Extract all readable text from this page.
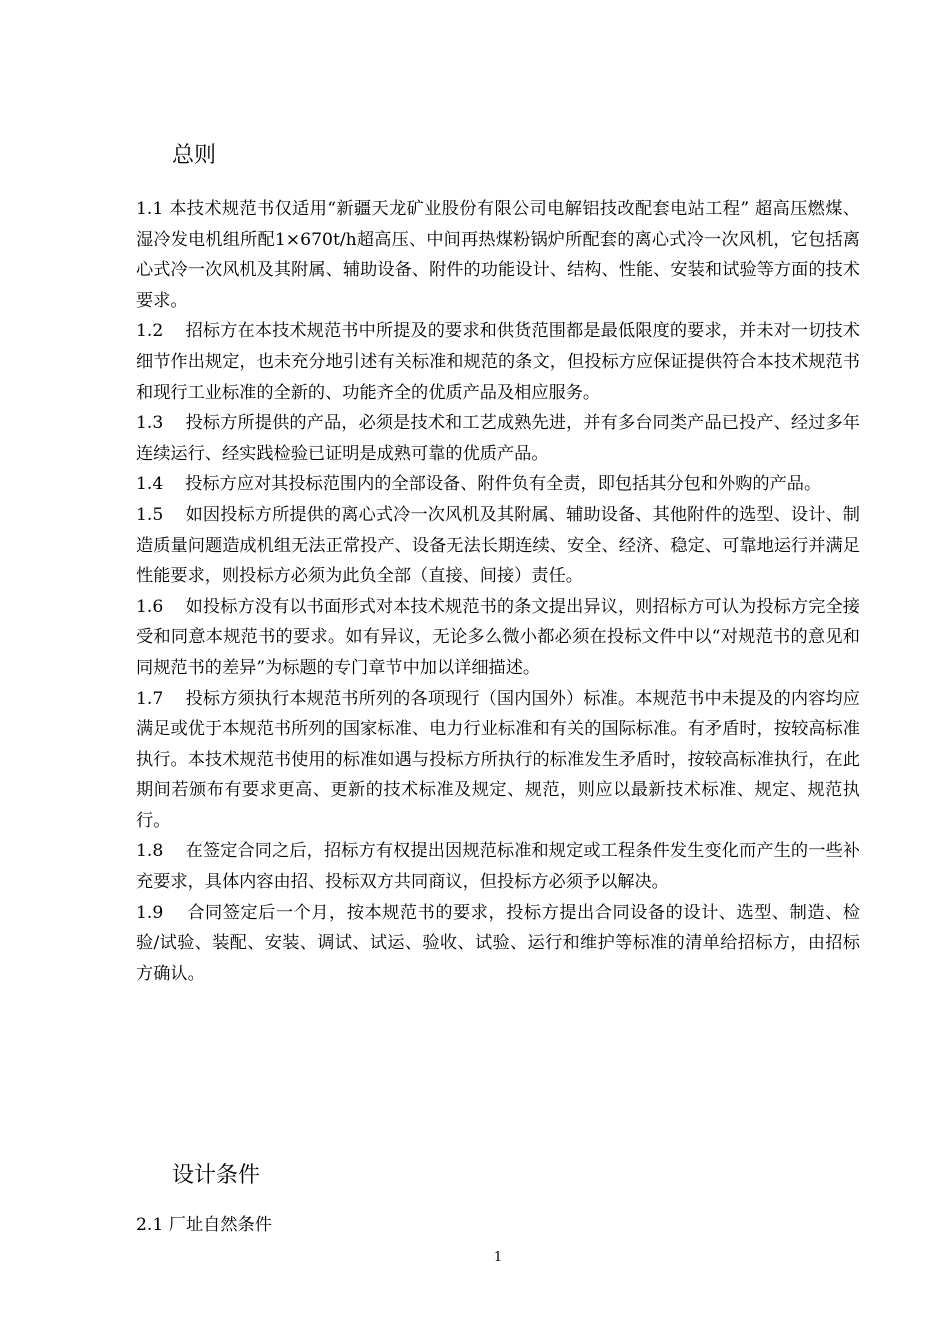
总则

1.1 本技术规范书仅适用“新疆天龙矿业股份有限公司电解铝技改配套电站工程” 超高压燃煤、湿冷发电机组所配1×670t/h超高压、中间再热煤粉锅炉所配套的离心式冷一次风机，它包括离心式冷一次风机及其附属、辅助设备、附件的功能设计、结构、性能、安装和试验等方面的技术要求。

1.2 招标方在本技术规范书中所提及的要求和供货范围都是最低限度的要求，并未对一切技术细节作出规定，也未充分地引述有关标准和规范的条文，但投标方应保证提供符合本技术规范书和现行工业标准的全新的、功能齐全的优质产品及相应服务。

1.3 投标方所提供的产品，必须是技术和工艺成熟先进，并有多台同类产品已投产、经过多年连续运行、经实践检验已证明是成熟可靠的优质产品。

1.4 投标方应对其投标范围内的全部设备、附件负有全责，即包括其分包和外购的产品。

1.5 如因投标方所提供的离心式冷一次风机及其附属、辅助设备、其他附件的选型、设计、制造质量问题造成机组无法正常投产、设备无法长期连续、安全、经济、稳定、可靠地运行并满足性能要求，则投标方必须为此负全部（直接、间接）责任。

1.6 如投标方没有以书面形式对本技术规范书的条文提出异议，则招标方可认为投标方完全接受和同意本规范书的要求。如有异议，无论多么微小都必须在投标文件中以“对规范书的意见和同规范书的差异”为标题的专门章节中加以详细描述。

1.7 投标方须执行本规范书所列的各项现行（国内国外）标准。本规范书中未提及的内容均应满足或优于本规范书所列的国家标准、电力行业标准和有关的国际标准。有矛盾时，按较高标准执行。本技术规范书使用的标准如遇与投标方所执行的标准发生矛盾时，按较高标准执行，在此期间若颁布有要求更高、更新的技术标准及规定、规范，则应以最新技术标准、规定、规范执行。

1.8 在签定合同之后，招标方有权提出因规范标准和规定或工程条件发生变化而产生的一些补充要求，具体内容由招、投标双方共同商议，但投标方必须予以解决。

1.9 合同签定后一个月，按本规范书的要求，投标方提出合同设备的设计、选型、制造、检验/试验、装配、安装、调试、试运、验收、试验、运行和维护等标准的清单给招标方，由招标方确认。

设计条件
2.1 厂址自然条件
1
